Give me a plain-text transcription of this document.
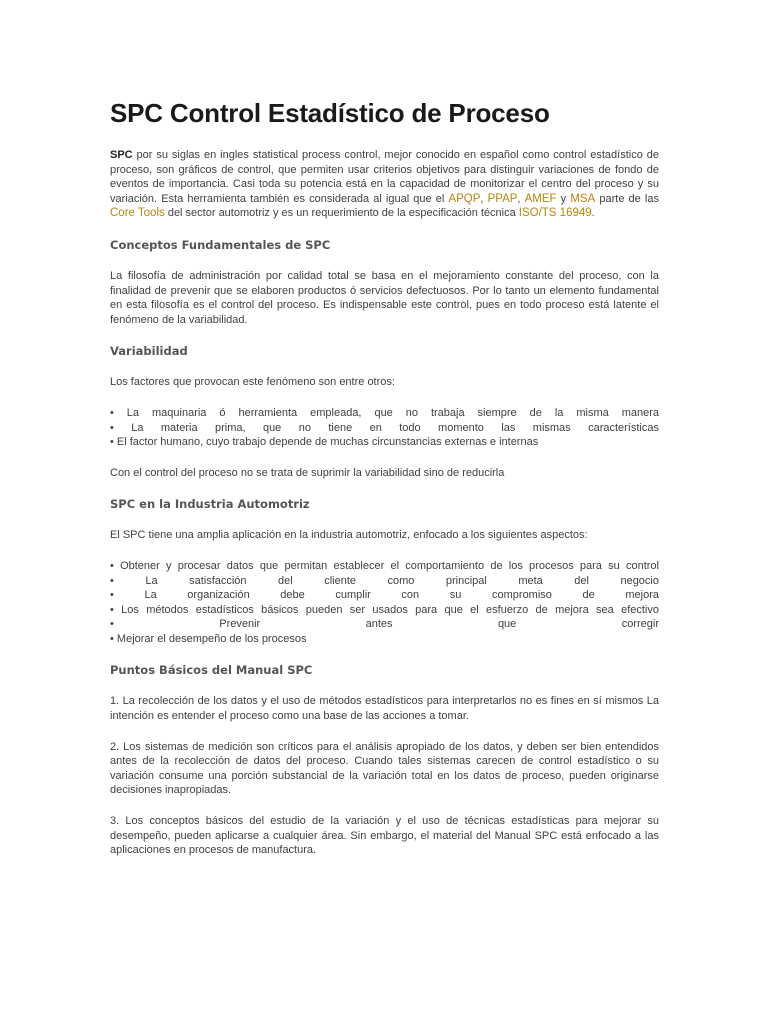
SPC Control Estadístico de Proceso

SPC por su siglas en ingles statistical process control, mejor conocido en español como control estadístico de proceso, son gráficos de control, que permiten usar criterios objetivos para distinguir variaciones de fondo de eventos de importancia. Casi toda su potencia está en la capacidad de monitorizar el centro del proceso y su variación. Esta herramienta también es considerada al igual que el APQP, PPAP, AMEF y MSA parte de las Core Tools del sector automotriz y es un requerimiento de la especificación técnica ISO/TS 16949.

Conceptos Fundamentales de SPC

La filosofía de administración por calidad total se basa en el mejoramiento constante del proceso, con la finalidad de prevenir que se elaboren productos ó servicios defectuosos. Por lo tanto un elemento fundamental en esta filosofía es el control del proceso. Es indispensable este control, pues en todo proceso está latente el fenómeno de la variabilidad.

Variabilidad

Los factores que provocan este fenómeno son entre otros:

• La maquinaria ó herramienta empleada, que no trabaja siempre de la misma manera
• La materia prima, que no tiene en todo momento las mismas características
• El factor humano, cuyo trabajo depende de muchas circunstancias externas e internas

Con el control del proceso no se trata de suprimir la variabilidad sino de reducirla

SPC en la Industria Automotriz

El SPC tiene una amplia aplicación en la industria automotriz, enfocado a los siguientes aspectos:

• Obtener y procesar datos que permitan establecer el comportamiento de los procesos para su control
• La satisfacción del cliente como principal meta del negocio
• La organización debe cumplir con su compromiso de mejora
• Los métodos estadísticos básicos pueden ser usados para que el esfuerzo de mejora sea efectivo
• Prevenir antes que corregir
• Mejorar el desempeño de los procesos
Puntos Básicos del Manual SPC

1. La recolección de los datos y el uso de métodos estadísticos para interpretarlos no es fines en sí mismos La intención es entender el proceso como una base de las acciones a tomar.

2. Los sistemas de medición son críticos para el análisis apropiado de los datos, y deben ser bien entendidos antes de la recolección de datos del proceso. Cuando tales sistemas carecen de control estadístico o su variación consume una porción substancial de la variación total en los datos de proceso, pueden originarse decisiones inapropiadas.

3. Los conceptos básicos del estudio de la variación y el uso de técnicas estadísticas para mejorar su desempeño, pueden aplicarse a cualquier área. Sin embargo, el material del Manual SPC está enfocado a las aplicaciones en procesos de manufactura.
